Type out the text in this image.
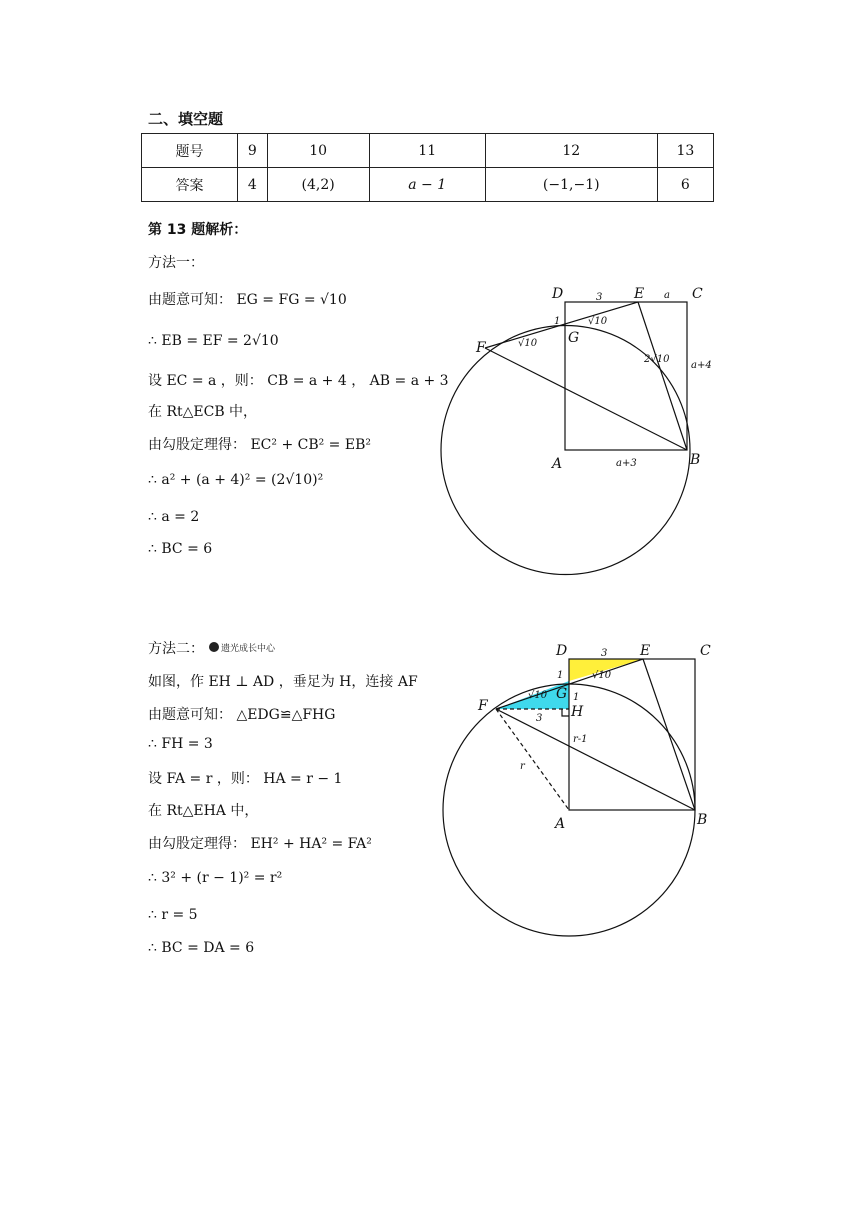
二、填空题
题号	9	10	11	12	13
答案	4	(4,2)	a − 1	(−1,−1)	6
第 13 题解析：
方法一：
由题意可知： EG = FG = √10
∴ EB = EF = 2√10
设 EC = a ，则： CB = a + 4 ， AB = a + 3
在 Rt△ECB 中，
由勾股定理得： EC² + CB² = EB²
∴ a² + (a + 4)² = (2√10)²
∴ a = 2
∴ BC = 6
方法二： 遗光成长中心
如图，作 EH ⊥ AD ，垂足为 H，连接 AF
由题意可知： △EDG≌△FHG
∴ FH = 3
设 FA = r ，则： HA = r − 1
在 Rt△EHA 中，
由勾股定理得： EH² + HA² = FA²
∴ 3² + (r − 1)² = r²
∴ r = 5
∴ BC = DA = 6
D	E	C
A	B
F
G
3	a
1	√10
√10
2√10
a+4
a+3
D	E	C
A	B
F
G
H
3
1	√10
√10	1
3
r-1
r
